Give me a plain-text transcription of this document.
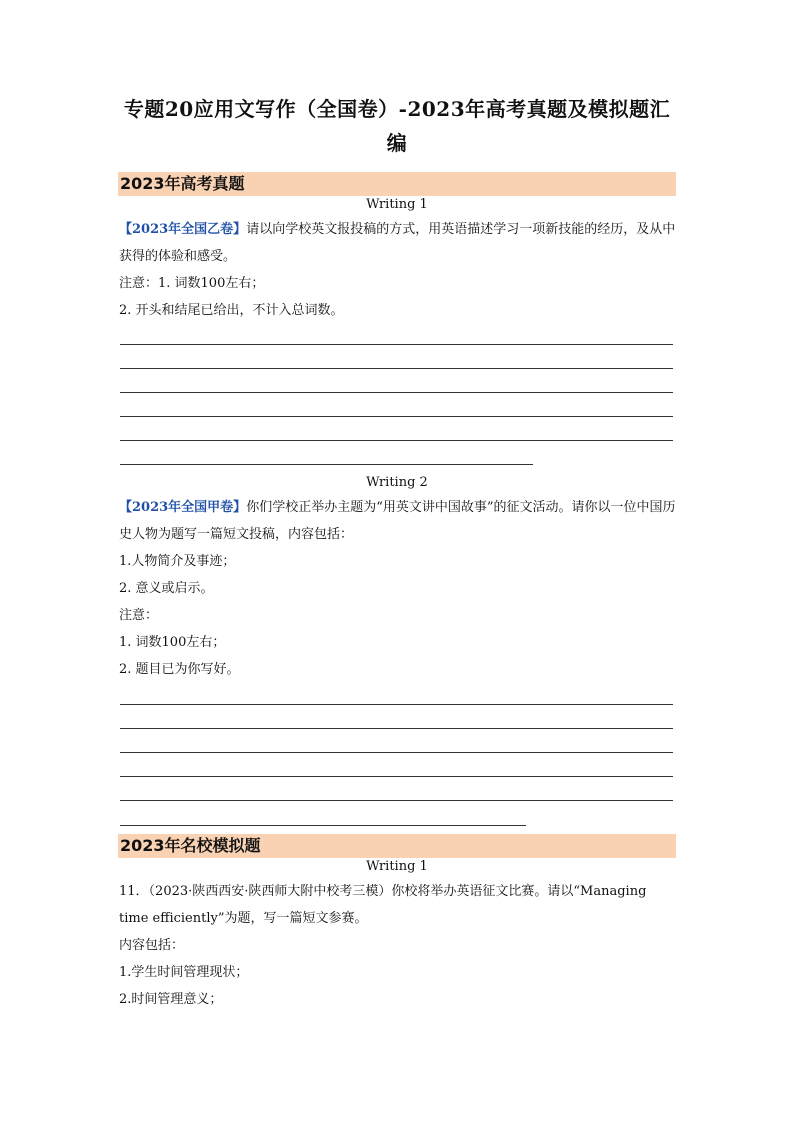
专题20应用文写作（全国卷）-2023年高考真题及模拟题汇编
2023年高考真题
Writing 1

【2023年全国乙卷】请以向学校英文报投稿的方式，用英语描述学习一项新技能的经历，及从中获得的体验和感受。

注意：1. 词数100左右；

2. 开头和结尾已给出，不计入总词数。

Writing 2

【2023年全国甲卷】你们学校正举办主题为“用英文讲中国故事”的征文活动。请你以一位中国历史人物为题写一篇短文投稿，内容包括：

1.人物简介及事迹；

2. 意义或启示。

注意：

1. 词数100左右；

2. 题目已为你写好。

2023年名校模拟题
Writing 1

11．（2023·陕西西安·陕西师大附中校考三模）你校将举办英语征文比赛。请以“Managing time efficiently”为题，写一篇短文参赛。

内容包括：

1.学生时间管理现状；

2.时间管理意义；
